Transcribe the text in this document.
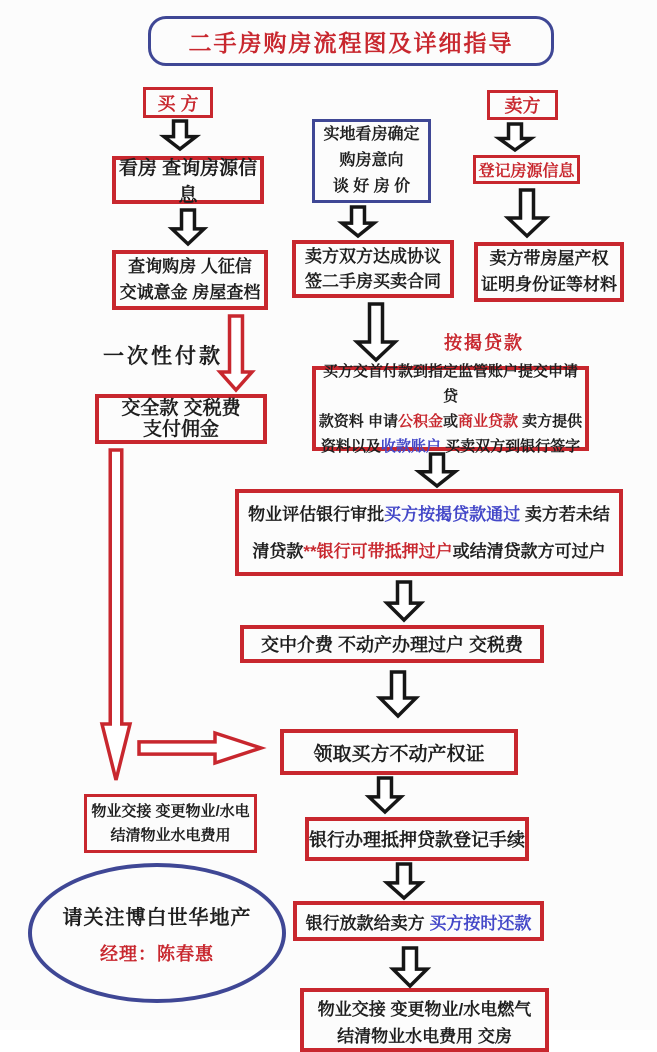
二手房购房流程图及详细指导
买 方	卖方
实地看房确定
购房意向
谈 好 房 价
看房 查询房源信息
登记房源信息
查询购房 人征信
交诚意金 房屋查档
卖方双方达成协议
签二手房买卖合同
卖方带房屋产权
证明身份证等材料
一次性付款
按揭贷款
交全款 交税费
支付佣金
买方交首付款到指定监管账户提交申请贷
款资料 申请公积金或商业贷款 卖方提供
资料以及收款账户 买卖双方到银行签字
物业评估银行审批买方按揭贷款通过 卖方若未结
清贷款**银行可带抵押过户或结清贷款方可过户
交中介费 不动产办理过户 交税费
领取买方不动产权证
物业交接 变更物业/水电
结清物业水电费用	银行办理抵押贷款登记手续
银行放款给卖方 买方按时还款
物业交接 变更物业/水电燃气
结清物业水电费用 交房
请关注博白世华地产
经理：陈春惠
